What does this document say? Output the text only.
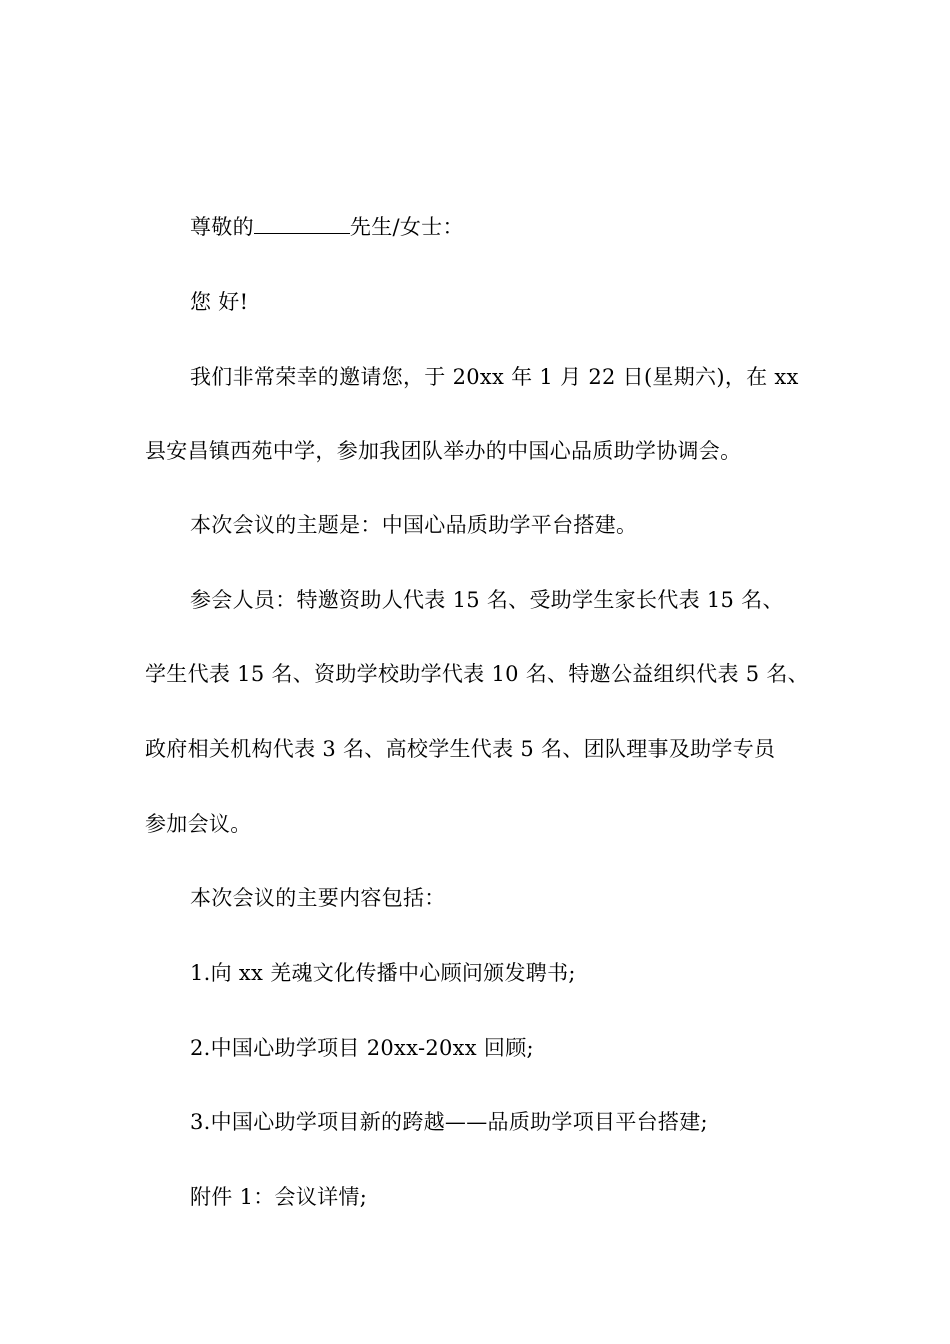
尊敬的	先生/女士：
您 好!
我们非常荣幸的邀请您，于 20xx 年 1 月 22 日(星期六)，在 xx
县安昌镇西苑中学，参加我团队举办的中国心品质助学协调会。
本次会议的主题是：中国心品质助学平台搭建。
参会人员：特邀资助人代表 15 名、受助学生家长代表 15 名、
学生代表 15 名、资助学校助学代表 10 名、特邀公益组织代表 5 名、
政府相关机构代表 3 名、高校学生代表 5 名、团队理事及助学专员
参加会议。
本次会议的主要内容包括：
1.向 xx 羌魂文化传播中心顾问颁发聘书;
2.中国心助学项目 20xx-20xx 回顾;
3.中国心助学项目新的跨越——品质助学项目平台搭建;
附件 1：会议详情;
